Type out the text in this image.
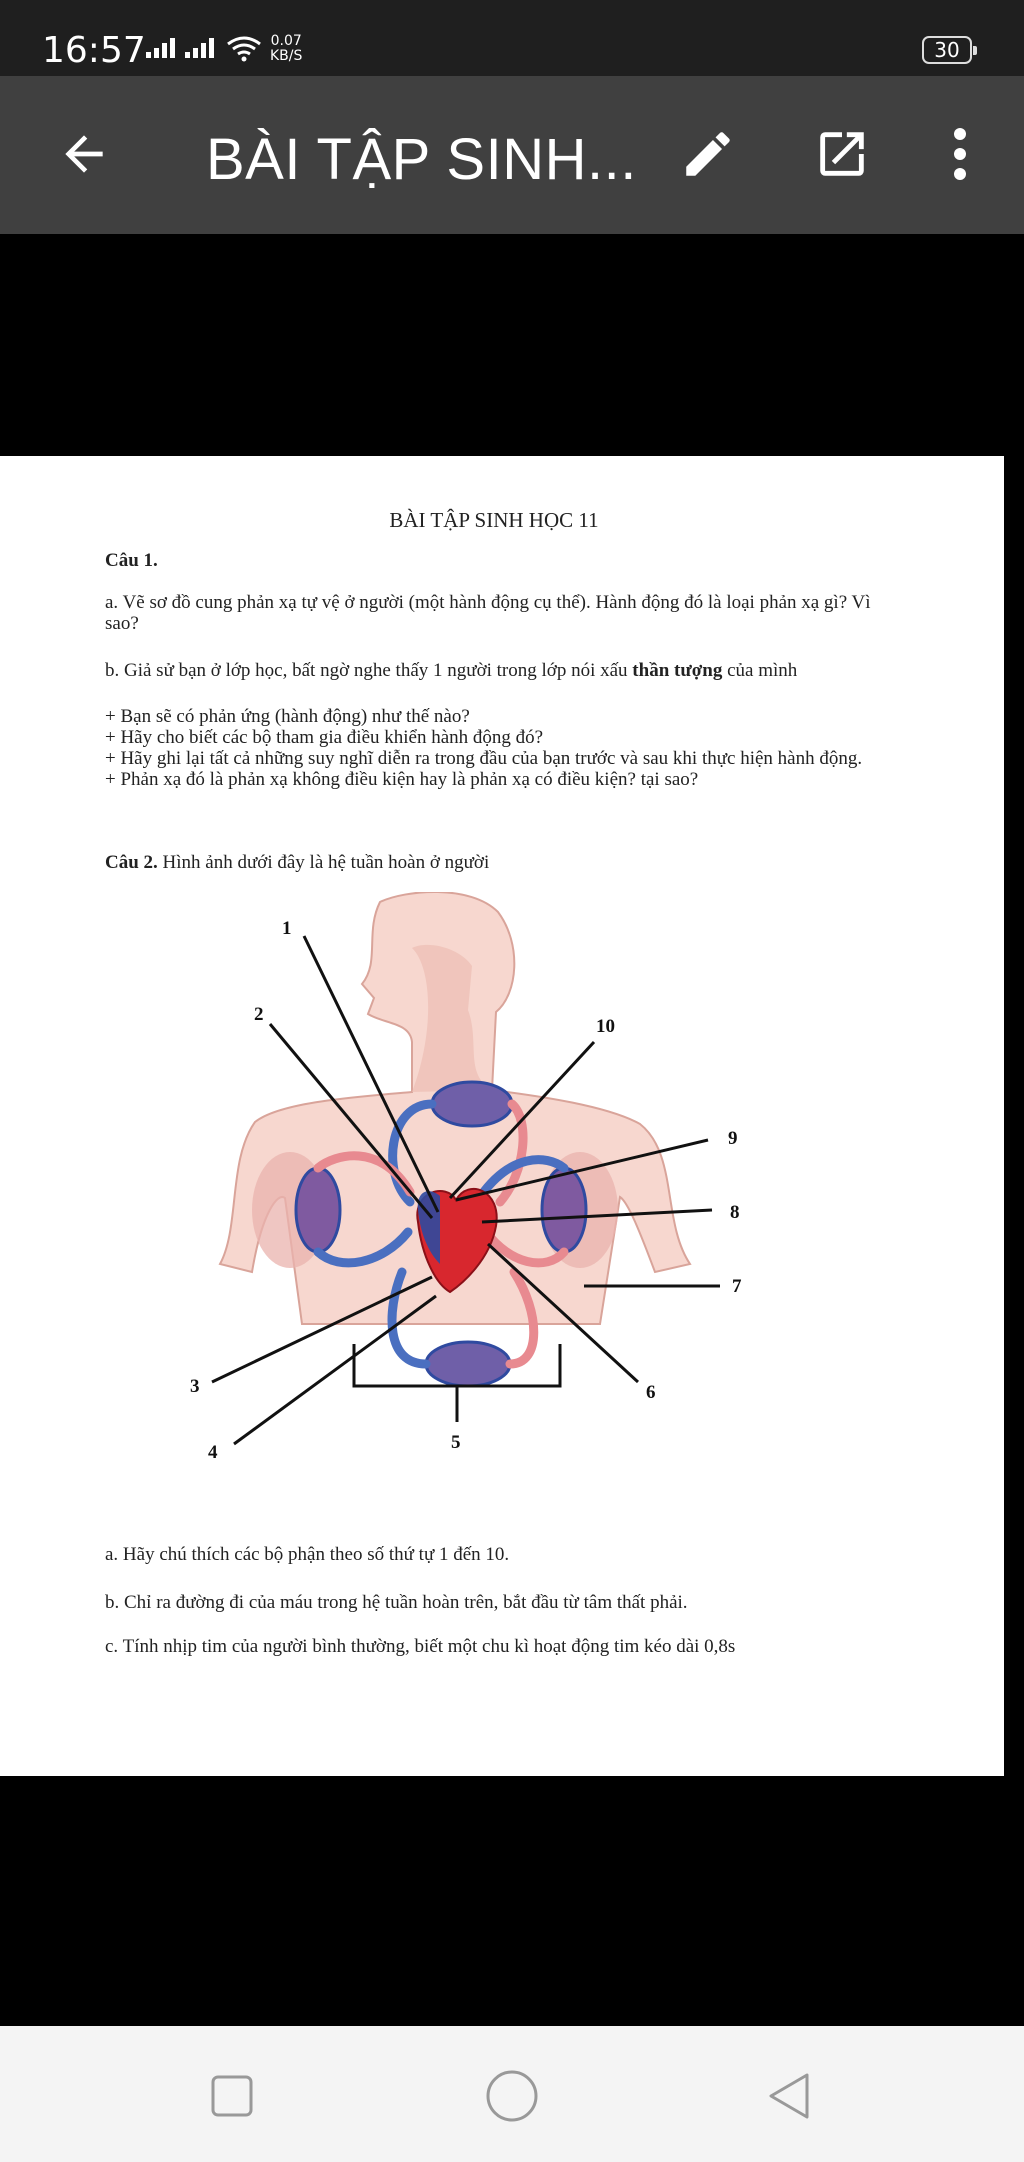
16:57	0.07
KB/S	30
BÀI TẬP SINH...
BÀI TẬP SINH HỌC 11
Câu 1.
a. Vẽ sơ đồ cung phản xạ tự vệ ở người (một hành động cụ thể). Hành động đó là loại phản xạ gì? Vì sao?
b. Giả sử bạn ở lớp học, bất ngờ nghe thấy 1 người trong lớp nói xấu thần tượng của mình
+ Bạn sẽ có phản ứng (hành động) như thế nào?
+ Hãy cho biết các bộ tham gia điều khiển hành động đó?
+ Hãy ghi lại tất cả những suy nghĩ diễn ra trong đầu của bạn trước và sau khi thực hiện hành động.
+ Phản xạ đó là phản xạ không điều kiện hay là phản xạ có điều kiện? tại sao?
Câu 2. Hình ảnh dưới đây là hệ tuần hoàn ở người
1
2
3
4	5
6
7
8
9
10
a. Hãy chú thích các bộ phận theo số thứ tự 1 đến 10.
b. Chỉ ra đường đi của máu trong hệ tuần hoàn trên, bắt đầu từ tâm thất phải.
c. Tính nhịp tim của người bình thường, biết một chu kì hoạt động tim kéo dài 0,8s
